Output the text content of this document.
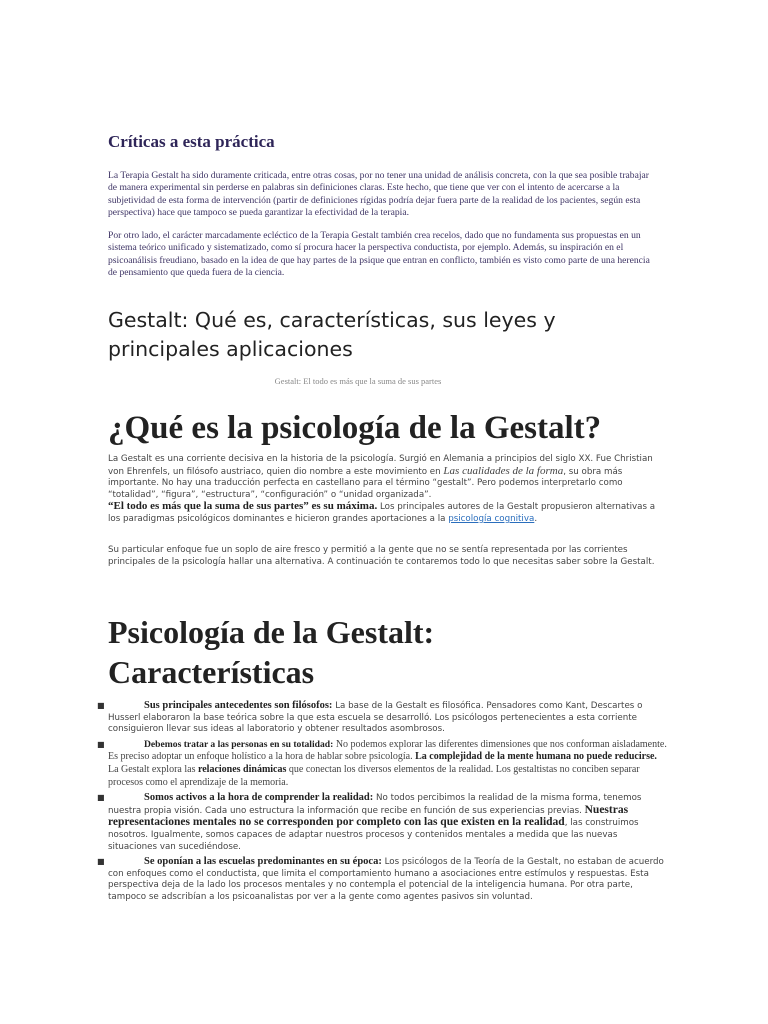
Críticas a esta práctica

La Terapia Gestalt ha sido duramente criticada, entre otras cosas, por no tener una unidad de análisis concreta, con la que sea posible trabajar de manera experimental sin perderse en palabras sin definiciones claras. Este hecho, que tiene que ver con el intento de acercarse a la subjetividad de esta forma de intervención (partir de definiciones rígidas podría dejar fuera parte de la realidad de los pacientes, según esta perspectiva) hace que tampoco se pueda garantizar la efectividad de la terapia.

Por otro lado, el carácter marcadamente ecléctico de la Terapia Gestalt también crea recelos, dado que no fundamenta sus propuestas en un sistema teórico unificado y sistematizado, como sí procura hacer la perspectiva conductista, por ejemplo. Además, su inspiración en el psicoanálisis freudiano, basado en la idea de que hay partes de la psique que entran en conflicto, también es visto como parte de una herencia de pensamiento que queda fuera de la ciencia.

Gestalt: Qué es, características, sus leyes y principales aplicaciones
Gestalt: El todo es más que la suma de sus partes
¿Qué es la psicología de la Gestalt?

La Gestalt es una corriente decisiva en la historia de la psicología. Surgió en Alemania a principios del siglo XX. Fue Christian von Ehrenfels, un filósofo austriaco, quien dio nombre a este movimiento en Las cualidades de la forma, su obra más importante. No hay una traducción perfecta en castellano para el término “gestalt”. Pero podemos interpretarlo como “totalidad”, “figura”, “estructura”, “configuración” o “unidad organizada”.
“El todo es más que la suma de sus partes” es su máxima. Los principales autores de la Gestalt propusieron alternativas a los paradigmas psicológicos dominantes e hicieron grandes aportaciones a la psicología cognitiva.

Su particular enfoque fue un soplo de aire fresco y permitió a la gente que no se sentía representada por las corrientes principales de la psicología hallar una alternativa. A continuación te contaremos todo lo que necesitas saber sobre la Gestalt.

Psicología de la Gestalt:
Características
■	Sus principales antecedentes son filósofos: La base de la Gestalt es filosófica. Pensadores como Kant, Descartes o Husserl elaboraron la base teórica sobre la que esta escuela se desarrolló. Los psicólogos pertenecientes a esta corriente consiguieron llevar sus ideas al laboratorio y obtener resultados asombrosos.
■	Debemos tratar a las personas en su totalidad: No podemos explorar las diferentes dimensiones que nos conforman aisladamente. Es preciso adoptar un enfoque holístico a la hora de hablar sobre psicología. La complejidad de la mente humana no puede reducirse. La Gestalt explora las relaciones dinámicas que conectan los diversos elementos de la realidad. Los gestaltistas no conciben separar procesos como el aprendizaje de la memoria.
■	Somos activos a la hora de comprender la realidad: No todos percibimos la realidad de la misma forma, tenemos nuestra propia visión. Cada uno estructura la información que recibe en función de sus experiencias previas. Nuestras representaciones mentales no se corresponden por completo con las que existen en la realidad, las construimos nosotros. Igualmente, somos capaces de adaptar nuestros procesos y contenidos mentales a medida que las nuevas situaciones van sucediéndose.
■	Se oponían a las escuelas predominantes en su época: Los psicólogos de la Teoría de la Gestalt, no estaban de acuerdo con enfoques como el conductista, que limita el comportamiento humano a asociaciones entre estímulos y respuestas. Esta perspectiva deja de la lado los procesos mentales y no contempla el potencial de la inteligencia humana. Por otra parte, tampoco se adscribían a los psicoanalistas por ver a la gente como agentes pasivos sin voluntad.
